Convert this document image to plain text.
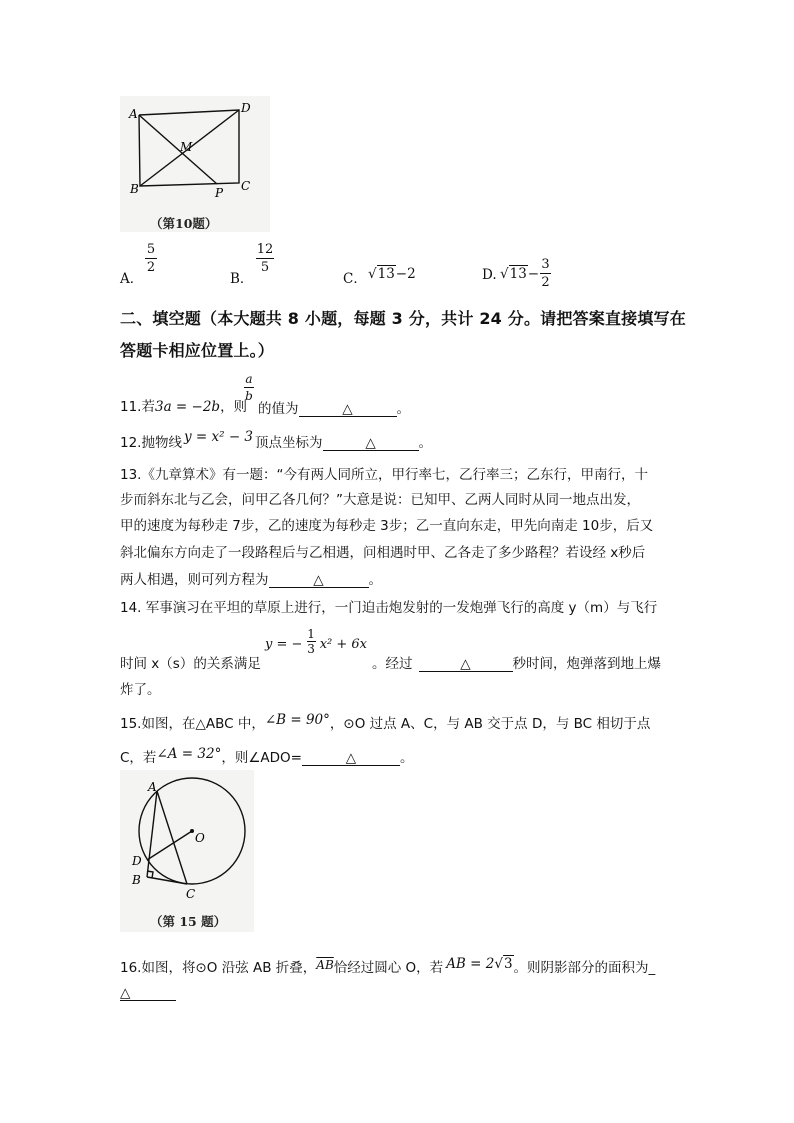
A	D
M
B	P C
（第10题）
A．
5
2
B．
12
5
C． √13−2	D. √13−
3
2
二、填空题（本大题共 8 小题，每题 3 分，共计 24 分。请把答案直接填写在
答题卡相应位置上。）
11.若3a = −2b，则
a
b
的值为	△	。
12.抛物线 y = x² − 3 顶点坐标为	△	。
13.《九章算术》有一题：“今有两人同所立，甲行率七，乙行率三；乙东行，甲南行，十
步而斜东北与乙会，问甲乙各几何？”大意是说：已知甲、乙两人同时从同一地点出发，
甲的速度为每秒走 7步，乙的速度为每秒走 3步；乙一直向东走，甲先向南走 10步，后又
斜北偏东方向走了一段路程后与乙相遇，问相遇时甲、乙各走了多少路程？若设经 x秒后
两人相遇，则可列方程为	△	。
14. 军事演习在平坦的草原上进行，一门迫击炮发射的一发炮弹飞行的高度 y（m）与飞行
时间 x（s）的关系满足
y = − $\frac{1}{3} x^2 + 6x$
。经过	△	秒时间，炮弹落到地上爆
炸了。
15.如图，在△ABC 中，∠B = 90°，⊙O 过点 A、C，与 AB 交于点 D，与 BC 相切于点
C，若∠A = 32°，则∠ADO=	△	。
A
O
D
B
C
（第 15 题）
16.如图，将⊙O 沿弦 AB 折叠，$\overline{AB}$恰经过圆心 O，若 AB = 2√3。则阴影部分的面积为_
△
